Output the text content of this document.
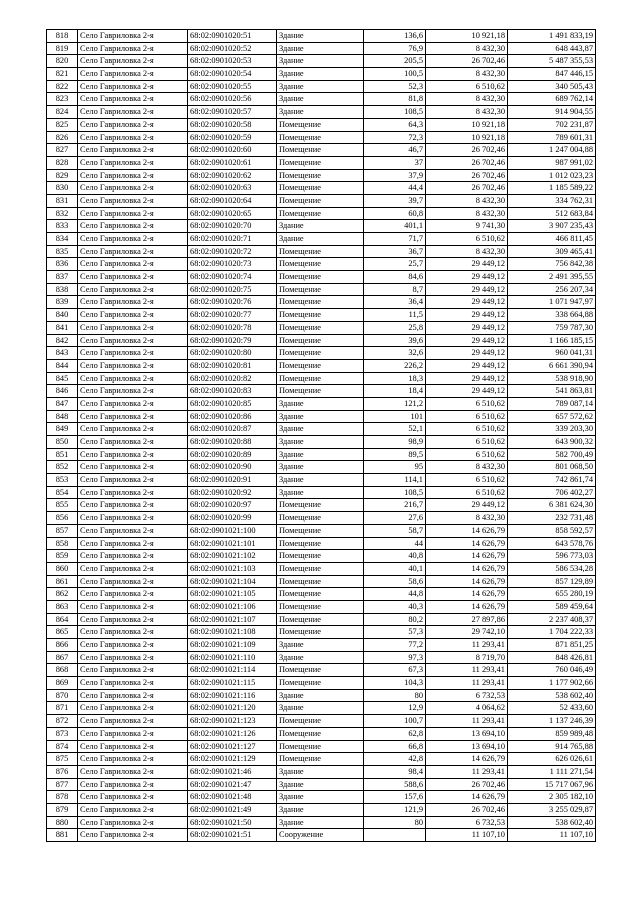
818	Село Гавриловка 2-я	68:02:0901020:51	Здание	136,6	10 921,18	1 491 833,19
819	Село Гавриловка 2-я	68:02:0901020:52	Здание	76,9	8 432,30	648 443,87
820	Село Гавриловка 2-я	68:02:0901020:53	Здание	205,5	26 702,46	5 487 355,53
821	Село Гавриловка 2-я	68:02:0901020:54	Здание	100,5	8 432,30	847 446,15
822	Село Гавриловка 2-я	68:02:0901020:55	Здание	52,3	6 510,62	340 505,43
823	Село Гавриловка 2-я	68:02:0901020:56	Здание	81,8	8 432,30	689 762,14
824	Село Гавриловка 2-я	68:02:0901020:57	Здание	108,5	8 432,30	914 904,55
825	Село Гавриловка 2-я	68:02:0901020:58	Помещение	64,3	10 921,18	702 231,87
826	Село Гавриловка 2-я	68:02:0901020:59	Помещение	72,3	10 921,18	789 601,31
827	Село Гавриловка 2-я	68:02:0901020:60	Помещение	46,7	26 702,46	1 247 004,88
828	Село Гавриловка 2-я	68:02:0901020:61	Помещение	37	26 702,46	987 991,02
829	Село Гавриловка 2-я	68:02:0901020:62	Помещение	37,9	26 702,46	1 012 023,23
830	Село Гавриловка 2-я	68:02:0901020:63	Помещение	44,4	26 702,46	1 185 589,22
831	Село Гавриловка 2-я	68:02:0901020:64	Помещение	39,7	8 432,30	334 762,31
832	Село Гавриловка 2-я	68:02:0901020:65	Помещение	60,8	8 432,30	512 683,84
833	Село Гавриловка 2-я	68:02:0901020:70	Здание	401,1	9 741,30	3 907 235,43
834	Село Гавриловка 2-я	68:02:0901020:71	Здание	71,7	6 510,62	466 811,45
835	Село Гавриловка 2-я	68:02:0901020:72	Помещение	36,7	8 432,30	309 465,41
836	Село Гавриловка 2-я	68:02:0901020:73	Помещение	25,7	29 449,12	756 842,38
837	Село Гавриловка 2-я	68:02:0901020:74	Помещение	84,6	29 449,12	2 491 395,55
838	Село Гавриловка 2-я	68:02:0901020:75	Помещение	8,7	29 449,12	256 207,34
839	Село Гавриловка 2-я	68:02:0901020:76	Помещение	36,4	29 449,12	1 071 947,97
840	Село Гавриловка 2-я	68:02:0901020:77	Помещение	11,5	29 449,12	338 664,88
841	Село Гавриловка 2-я	68:02:0901020:78	Помещение	25,8	29 449,12	759 787,30
842	Село Гавриловка 2-я	68:02:0901020:79	Помещение	39,6	29 449,12	1 166 185,15
843	Село Гавриловка 2-я	68:02:0901020:80	Помещение	32,6	29 449,12	960 041,31
844	Село Гавриловка 2-я	68:02:0901020:81	Помещение	226,2	29 449,12	6 661 390,94
845	Село Гавриловка 2-я	68:02:0901020:82	Помещение	18,3	29 449,12	538 918,90
846	Село Гавриловка 2-я	68:02:0901020:83	Помещение	18,4	29 449,12	541 863,81
847	Село Гавриловка 2-я	68:02:0901020:85	Здание	121,2	6 510,62	789 087,14
848	Село Гавриловка 2-я	68:02:0901020:86	Здание	101	6 510,62	657 572,62
849	Село Гавриловка 2-я	68:02:0901020:87	Здание	52,1	6 510,62	339 203,30
850	Село Гавриловка 2-я	68:02:0901020:88	Здание	98,9	6 510,62	643 900,32
851	Село Гавриловка 2-я	68:02:0901020:89	Здание	89,5	6 510,62	582 700,49
852	Село Гавриловка 2-я	68:02:0901020:90	Здание	95	8 432,30	801 068,50
853	Село Гавриловка 2-я	68:02:0901020:91	Здание	114,1	6 510,62	742 861,74
854	Село Гавриловка 2-я	68:02:0901020:92	Здание	108,5	6 510,62	706 402,27
855	Село Гавриловка 2-я	68:02:0901020:97	Помещение	216,7	29 449,12	6 381 624,30
856	Село Гавриловка 2-я	68:02:0901020:99	Помещение	27,6	8 432,30	232 731,48
857	Село Гавриловка 2-я	68:02:0901021:100	Помещение	58,7	14 626,79	858 592,57
858	Село Гавриловка 2-я	68:02:0901021:101	Помещение	44	14 626,79	643 578,76
859	Село Гавриловка 2-я	68:02:0901021:102	Помещение	40,8	14 626,79	596 773,03
860	Село Гавриловка 2-я	68:02:0901021:103	Помещение	40,1	14 626,79	586 534,28
861	Село Гавриловка 2-я	68:02:0901021:104	Помещение	58,6	14 626,79	857 129,89
862	Село Гавриловка 2-я	68:02:0901021:105	Помещение	44,8	14 626,79	655 280,19
863	Село Гавриловка 2-я	68:02:0901021:106	Помещение	40,3	14 626,79	589 459,64
864	Село Гавриловка 2-я	68:02:0901021:107	Помещение	80,2	27 897,86	2 237 408,37
865	Село Гавриловка 2-я	68:02:0901021:108	Помещение	57,3	29 742,10	1 704 222,33
866	Село Гавриловка 2-я	68:02:0901021:109	Здание	77,2	11 293,41	871 851,25
867	Село Гавриловка 2-я	68:02:0901021:110	Здание	97,3	8 719,70	848 426,81
868	Село Гавриловка 2-я	68:02:0901021:114	Помещение	67,3	11 293,41	760 046,49
869	Село Гавриловка 2-я	68:02:0901021:115	Помещение	104,3	11 293,41	1 177 902,66
870	Село Гавриловка 2-я	68:02:0901021:116	Здание	80	6 732,53	538 602,40
871	Село Гавриловка 2-я	68:02:0901021:120	Здание	12,9	4 064,62	52 433,60
872	Село Гавриловка 2-я	68:02:0901021:123	Помещение	100,7	11 293,41	1 137 246,39
873	Село Гавриловка 2-я	68:02:0901021:126	Помещение	62,8	13 694,10	859 989,48
874	Село Гавриловка 2-я	68:02:0901021:127	Помещение	66,8	13 694,10	914 765,88
875	Село Гавриловка 2-я	68:02:0901021:129	Помещение	42,8	14 626,79	626 026,61
876	Село Гавриловка 2-я	68:02:0901021:46	Здание	98,4	11 293,41	1 111 271,54
877	Село Гавриловка 2-я	68:02:0901021:47	Здание	588,6	26 702,46	15 717 067,96
878	Село Гавриловка 2-я	68:02:0901021:48	Здание	157,6	14 626,79	2 305 182,10
879	Село Гавриловка 2-я	68:02:0901021:49	Здание	121,9	26 702,46	3 255 029,87
880	Село Гавриловка 2-я	68:02:0901021:50	Здание	80	6 732,53	538 602,40
881	Село Гавриловка 2-я	68:02:0901021:51	Сооружение		11 107,10	11 107,10
